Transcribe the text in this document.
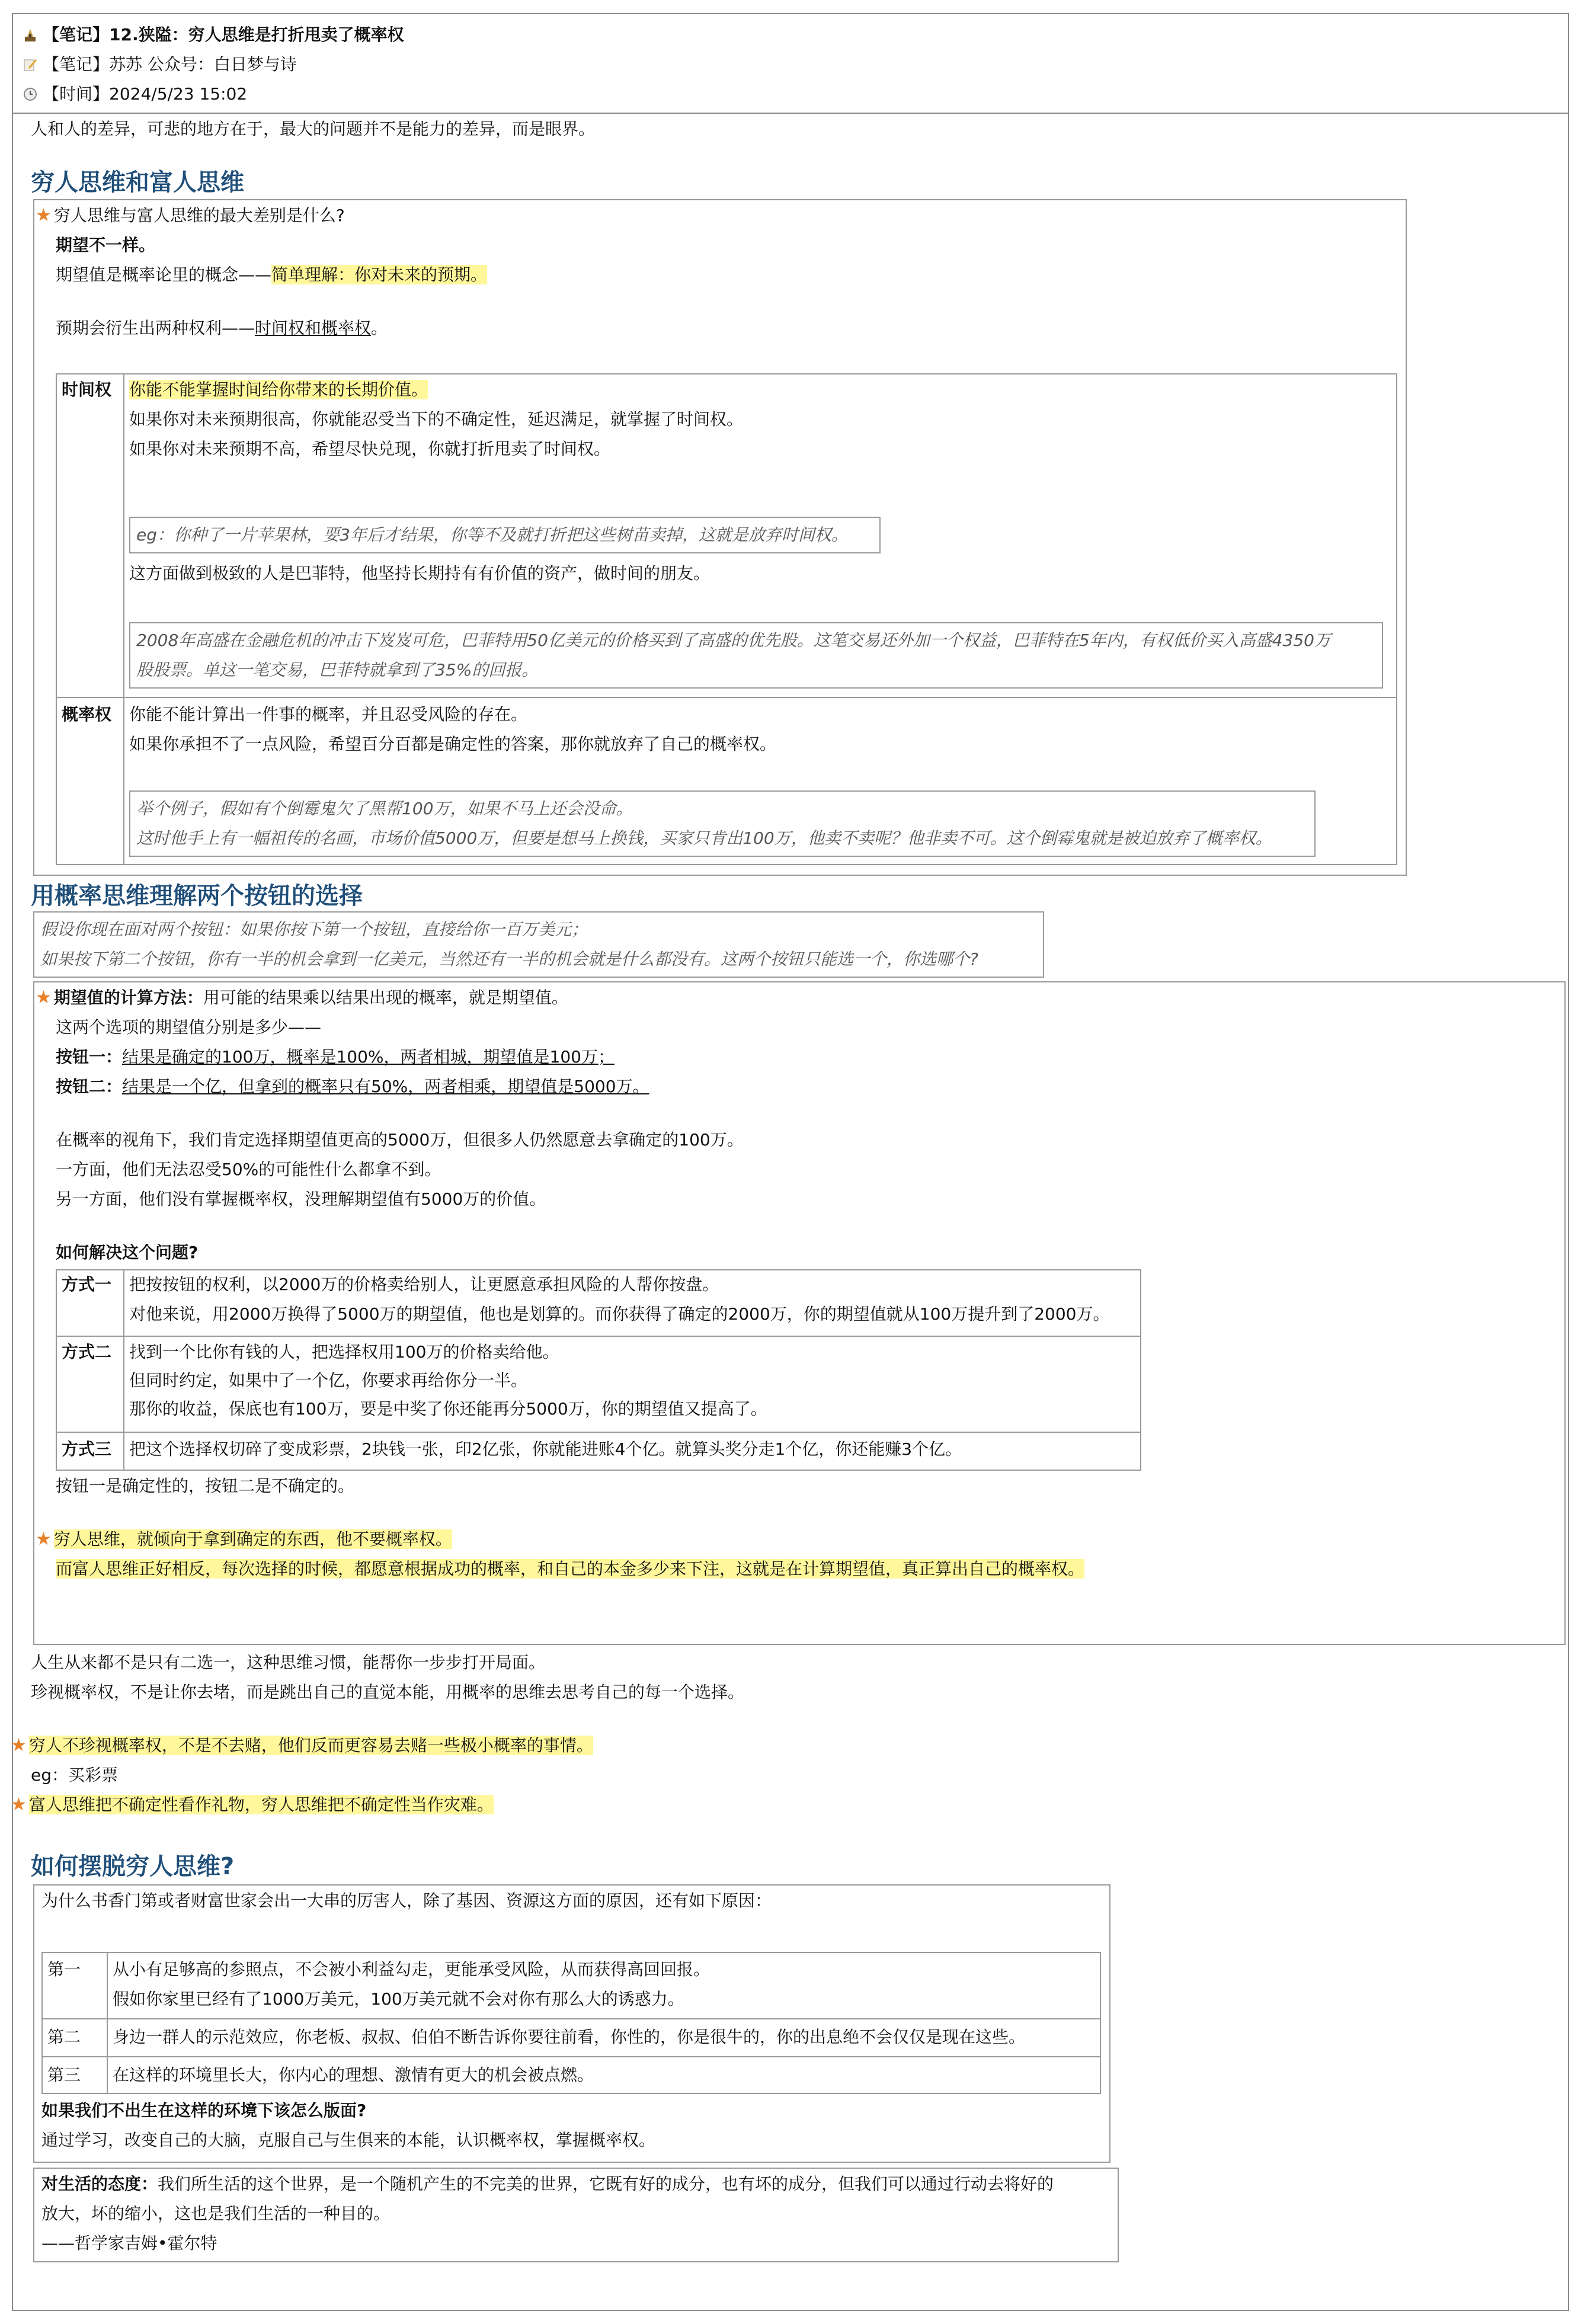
【笔记】 12.狭隘：穷人思维是打折甩卖了概率权
【笔记】 苏苏 公众号：白日梦与诗
【时间】 2024/5/23 15:02
人和人的差异，可悲的地方在于，最大的问题并不是能力的差异，而是眼界。
穷人思维和富人思维
★ 穷人思维与富人思维的最大差别是什么?
期望不一样。
期望值是概率论里的概念——简单理解：你对未来的预期。
预期会衍生出两种权利——时间权和概率权。
时间权 你能不能掌握时间给你带来的长期价值。
如果你对未来预期很高，你就能忍受当下的不确定性，延迟满足，就掌握了时间权。
如果你对未来预期不高，希望尽快兑现，你就打折甩卖了时间权。
eg：你种了一片苹果林，要3年后才结果，你等不及就打折把这些树苗卖掉，这就是放弃时间权。
这方面做到极致的人是巴菲特，他坚持长期持有有价值的资产，做时间的朋友。
2008年高盛在金融危机的冲击下岌岌可危，巴菲特用50亿美元的价格买到了高盛的优先股。这笔交易还外加一个权益，巴菲特在5年内，有权低价买入高盛4350万
股股票。单这一笔交易，巴菲特就拿到了35%的回报。
概率权 你能不能计算出一件事的概率，并且忍受风险的存在。
如果你承担不了一点风险，希望百分百都是确定性的答案，那你就放弃了自己的概率权。
举个例子，假如有个倒霉鬼欠了黑帮100万，如果不马上还会没命。
这时他手上有一幅祖传的名画，市场价值5000万，但要是想马上换钱，买家只肯出100万，他卖不卖呢？他非卖不可。这个倒霉鬼就是被迫放弃了概率权。
用概率思维理解两个按钮的选择
假设你现在面对两个按钮：如果你按下第一个按钮，直接给你一百万美元；
如果按下第二个按钮，你有一半的机会拿到一亿美元，当然还有一半的机会就是什么都没有。这两个按钮只能选一个，你选哪个?
★ 期望值的计算方法：用可能的结果乘以结果出现的概率，就是期望值。
这两个选项的期望值分别是多少——
按钮一：结果是确定的100万，概率是100%，两者相城，期望值是100万；
按钮二：结果是一个亿，但拿到的概率只有50%，两者相乘，期望值是5000万。
在概率的视角下，我们肯定选择期望值更高的5000万，但很多人仍然愿意去拿确定的100万。
一方面，他们无法忍受50%的可能性什么都拿不到。
另一方面，他们没有掌握概率权，没理解期望值有5000万的价值。
如何解决这个问题?
方式一 把按按钮的权利，以2000万的价格卖给别人，让更愿意承担风险的人帮你按盘。
对他来说，用2000万换得了5000万的期望值，他也是划算的。而你获得了确定的2000万，你的期望值就从100万提升到了2000万。
方式二 找到一个比你有钱的人，把选择权用100万的价格卖给他。
但同时约定，如果中了一个亿，你要求再给你分一半。
那你的收益，保底也有100万，要是中奖了你还能再分5000万，你的期望值又提高了。
方式三 把这个选择权切碎了变成彩票，2块钱一张，印2亿张，你就能进账4个亿。就算头奖分走1个亿，你还能赚3个亿。
按钮一是确定性的，按钮二是不确定的。
★ 穷人思维，就倾向于拿到确定的东西，他不要概率权。
而富人思维正好相反，每次选择的时候，都愿意根据成功的概率，和自己的本金多少来下注，这就是在计算期望值，真正算出自己的概率权。
人生从来都不是只有二选一，这种思维习惯，能帮你一步步打开局面。
珍视概率权，不是让你去堵，而是跳出自己的直觉本能，用概率的思维去思考自己的每一个选择。
★ 穷人不珍视概率权，不是不去赌，他们反而更容易去赌一些极小概率的事情。
eg：买彩票
★ 富人思维把不确定性看作礼物，穷人思维把不确定性当作灾难。
如何摆脱穷人思维?
为什么书香门第或者财富世家会出一大串的厉害人，除了基因、资源这方面的原因，还有如下原因：
第一 从小有足够高的参照点，不会被小利益勾走，更能承受风险，从而获得高回回报。
假如你家里已经有了1000万美元，100万美元就不会对你有那么大的诱惑力。
第二 身边一群人的示范效应，你老板、叔叔、伯伯不断告诉你要往前看，你性的，你是很牛的，你的出息绝不会仅仅是现在这些。
第三 在这样的环境里长大，你内心的理想、激情有更大的机会被点燃。
如果我们不出生在这样的环境下该怎么版面?
通过学习，改变自己的大脑，克服自己与生俱来的本能，认识概率权，掌握概率权。
对生活的态度：我们所生活的这个世界，是一个随机产生的不完美的世界，它既有好的成分，也有坏的成分，但我们可以通过行动去将好的
放大，坏的缩小，这也是我们生活的一种目的。
——哲学家吉姆•霍尔特
